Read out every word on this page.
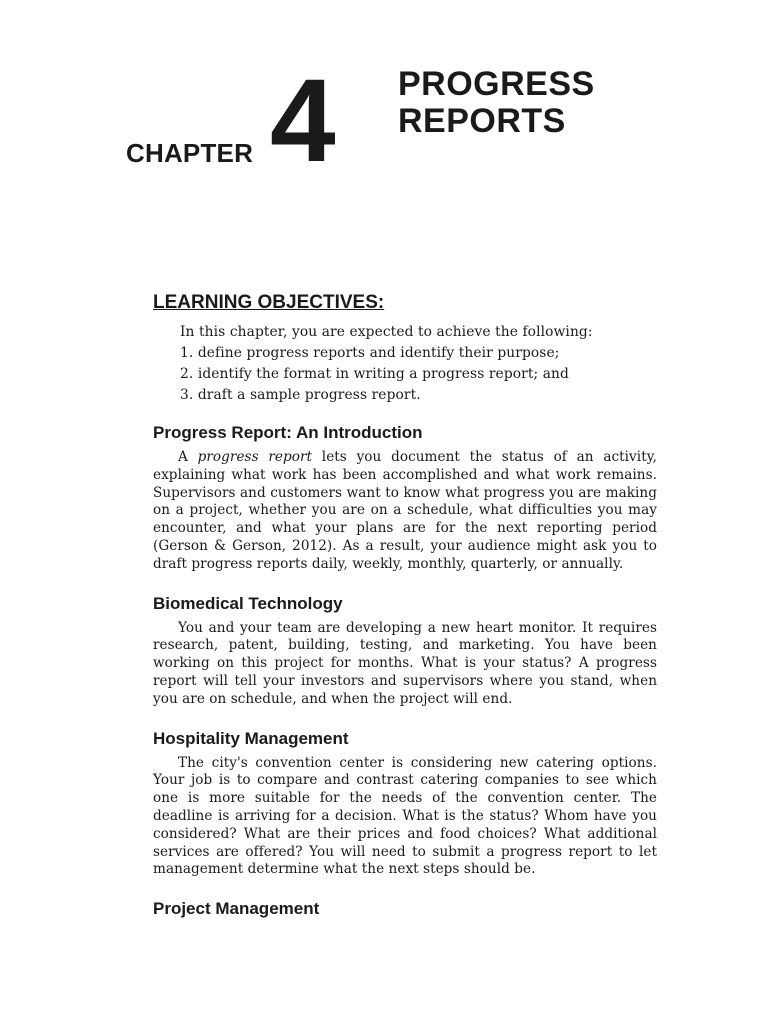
CHAPTER 4 PROGRESS
REPORTS
LEARNING OBJECTIVES:
In this chapter, you are expected to achieve the following:
1. define progress reports and identify their purpose;
2. identify the format in writing a progress report; and
3. draft a sample progress report.
Progress Report: An Introduction

A progress report lets you document the status of an activity, explaining what work has been accomplished and what work remains. Supervisors and customers want to know what progress you are making on a project, whether you are on a schedule, what difficulties you may encounter, and what your plans are for the next reporting period (Gerson & Gerson, 2012). As a result, your audience might ask you to draft progress reports daily, weekly, monthly, quarterly, or annually.

Biomedical Technology

You and your team are developing a new heart monitor. It requires research, patent, building, testing, and marketing. You have been working on this project for months. What is your status? A progress report will tell your investors and supervisors where you stand, when you are on schedule, and when the project will end.

Hospitality Management

The city's convention center is considering new catering options. Your job is to compare and contrast catering companies to see which one is more suitable for the needs of the convention center. The deadline is arriving for a decision. What is the status? Whom have you considered? What are their prices and food choices? What additional services are offered? You will need to submit a progress report to let management determine what the next steps should be.

Project Management
